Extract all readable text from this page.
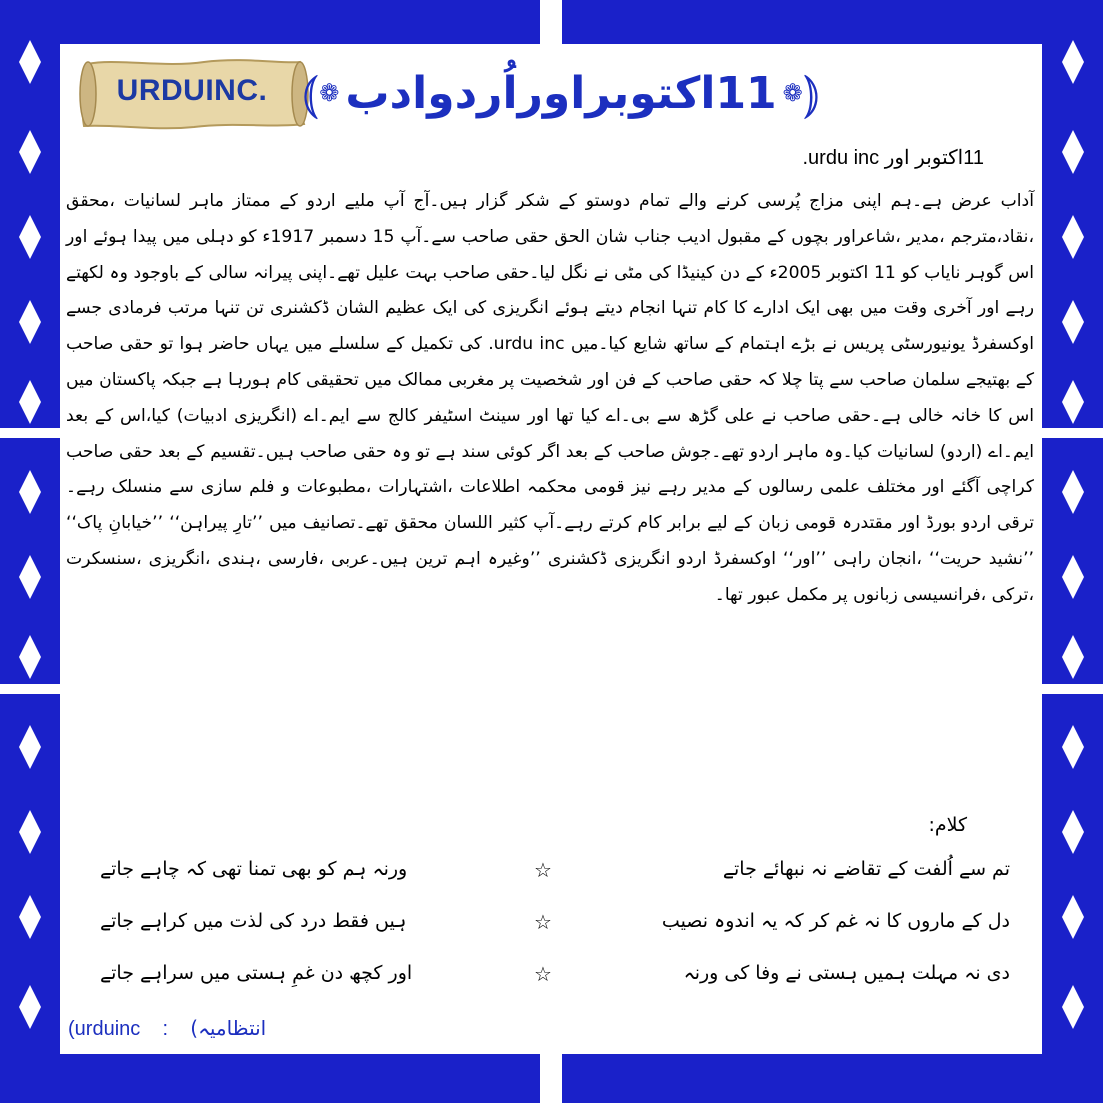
URDUINC. ⦅ ❁ 11اکتوبراوراُردوادب ❁ ⦆
11اکتوبر اور urdu inc.

آداب عرض ہے۔ہم اپنی مزاج پُرسی کرنے والے تمام دوستو کے شکر گزار ہیں۔آج آپ ملیے اردو کے ممتاز ماہر لسانیات ،محقق ،نقاد،مترجم ،مدیر ،شاعراور بچوں کے مقبول ادیب جناب شان الحق حقی صاحب سے۔آپ 15 دسمبر 1917ء کو دہلی میں پیدا ہوئے اور اس گوہر نایاب کو 11 اکتوبر 2005ء کے دن کینیڈا کی مٹی نے نگل لیا۔حقی صاحب بہت علیل تھے۔اپنی پیرانہ سالی کے باوجود وہ لکھتے رہے اور آخری وقت میں بھی ایک ادارے کا کام تنہا انجام دیتے ہوئے انگریزی کی ایک عظیم الشان ڈکشنری تن تنہا مرتب فرمادی جسے اوکسفرڈ یونیورسٹی پریس نے بڑے اہتمام کے ساتھ شایع کیا۔میں urdu inc. کی تکمیل کے سلسلے میں یہاں حاضر ہوا تو حقی صاحب کے بھتیجے سلمان صاحب سے پتا چلا کہ حقی صاحب کے فن اور شخصیت پر مغربی ممالک میں تحقیقی کام ہورہا ہے جبکہ پاکستان میں اس کا خانہ خالی ہے۔حقی صاحب نے علی گڑھ سے بی۔اے کیا تھا اور سینٹ اسٹیفر کالج سے ایم۔اے (انگریزی ادبیات) کیا،اس کے بعد ایم۔اے (اردو) لسانیات کیا۔وہ ماہر اردو تھے۔جوش صاحب کے بعد اگر کوئی سند ہے تو وہ حقی صاحب ہیں۔تقسیم کے بعد حقی صاحب کراچی آگئے اور مختلف علمی رسالوں کے مدیر رہے نیز قومی محکمہ اطلاعات ،اشتہارات ،مطبوعات و فلم سازی سے منسلک رہے۔ترقی اردو بورڈ اور مقتدرہ قومی زبان کے لیے برابر کام کرتے رہے۔آپ کثیر اللسان محقق تھے۔تصانیف میں ’’تارِ پیراہن‘‘ ’’خیابانِ پاک‘‘ ’’نشید حریت‘‘ ،انجان راہی ’’اور‘‘ اوکسفرڈ اردو انگریزی ڈکشنری ’’وغیرہ اہم ترین ہیں۔عربی ،فارسی ،ہندی ،انگریزی ،سنسکرت ،ترکی ،فرانسیسی زبانوں پر مکمل عبور تھا۔

کلام:
تم سے اُلفت کے تقاضے نہ نبھائے جاتے
☆
ورنہ ہم کو بھی تمنا تھی کہ چاہے جاتے
دل کے ماروں کا نہ غم کر کہ یہ اندوہ نصیب
☆
ہیں فقط درد کی لذت میں کراہے جاتے
دی نہ مہلت ہمیں ہستی نے وفا کی ورنہ
☆
اور کچھ دن غمِ ہستی میں سراہے جاتے
(urduinc : انتظامیہ)
